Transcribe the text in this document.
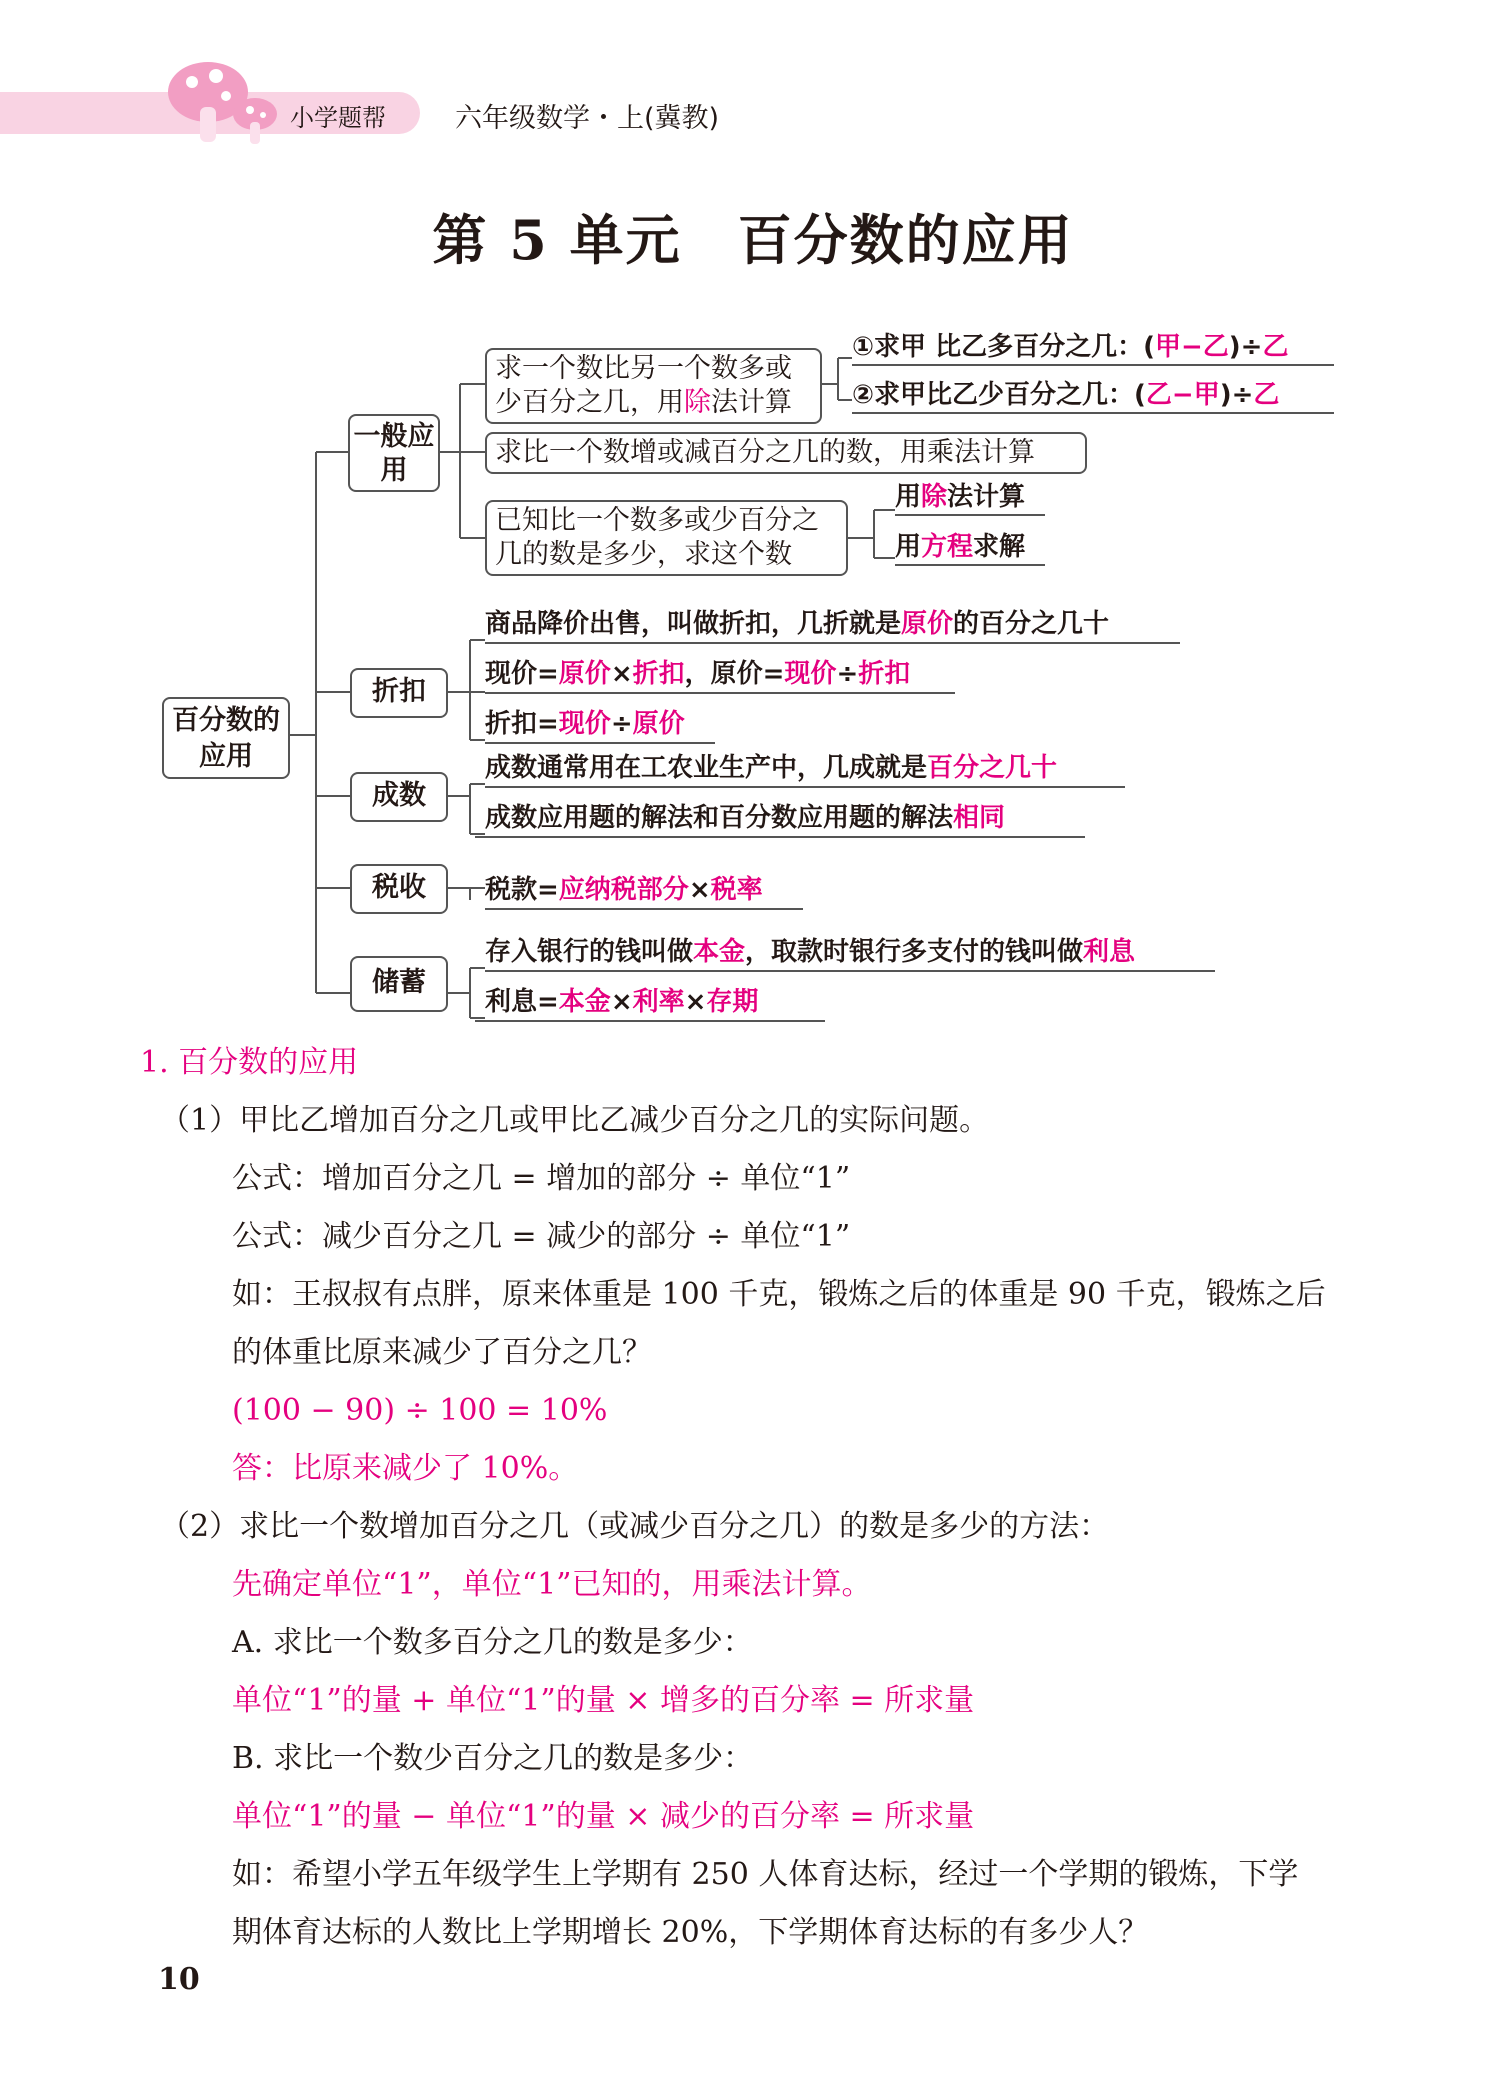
小学题帮	六年级数学・上(冀教)
第 5 单元　百分数的应用
百分数的应用
一般应用
折扣
成数
税收
储蓄
求一个数比另一个数多或少百分之几，用除法计算
①求甲 比乙多百分之几：(甲−乙)÷乙
②求甲比乙少百分之几：(乙−甲)÷乙
求比一个数增或减百分之几的数，用乘法计算
已知比一个数多或少百分之几的数是多少，求这个数
用除法计算
用方程求解
商品降价出售，叫做折扣，几折就是原价的百分之几十
现价=原价×折扣，原价=现价÷折扣
折扣=现价÷原价
成数通常用在工农业生产中，几成就是百分之几十
成数应用题的解法和百分数应用题的解法相同
税款=应纳税部分×税率
存入银行的钱叫做本金，取款时银行多支付的钱叫做利息
利息=本金×利率×存期
1. 百分数的应用
（1）甲比乙增加百分之几或甲比乙减少百分之几的实际问题。
公式：增加百分之几 = 增加的部分 ÷ 单位“1”
公式：减少百分之几 = 减少的部分 ÷ 单位“1”
如：王叔叔有点胖，原来体重是 100 千克，锻炼之后的体重是 90 千克，锻炼之后
的体重比原来减少了百分之几？
(100 − 90) ÷ 100 = 10%
答：比原来减少了 10%。
（2）求比一个数增加百分之几（或减少百分之几）的数是多少的方法：
先确定单位“1”，单位“1”已知的，用乘法计算。
A. 求比一个数多百分之几的数是多少：
单位“1”的量 + 单位“1”的量 × 增多的百分率 = 所求量
B. 求比一个数少百分之几的数是多少：
单位“1”的量 − 单位“1”的量 × 减少的百分率 = 所求量
如：希望小学五年级学生上学期有 250 人体育达标，经过一个学期的锻炼，下学
期体育达标的人数比上学期增长 20%，下学期体育达标的有多少人？
10
